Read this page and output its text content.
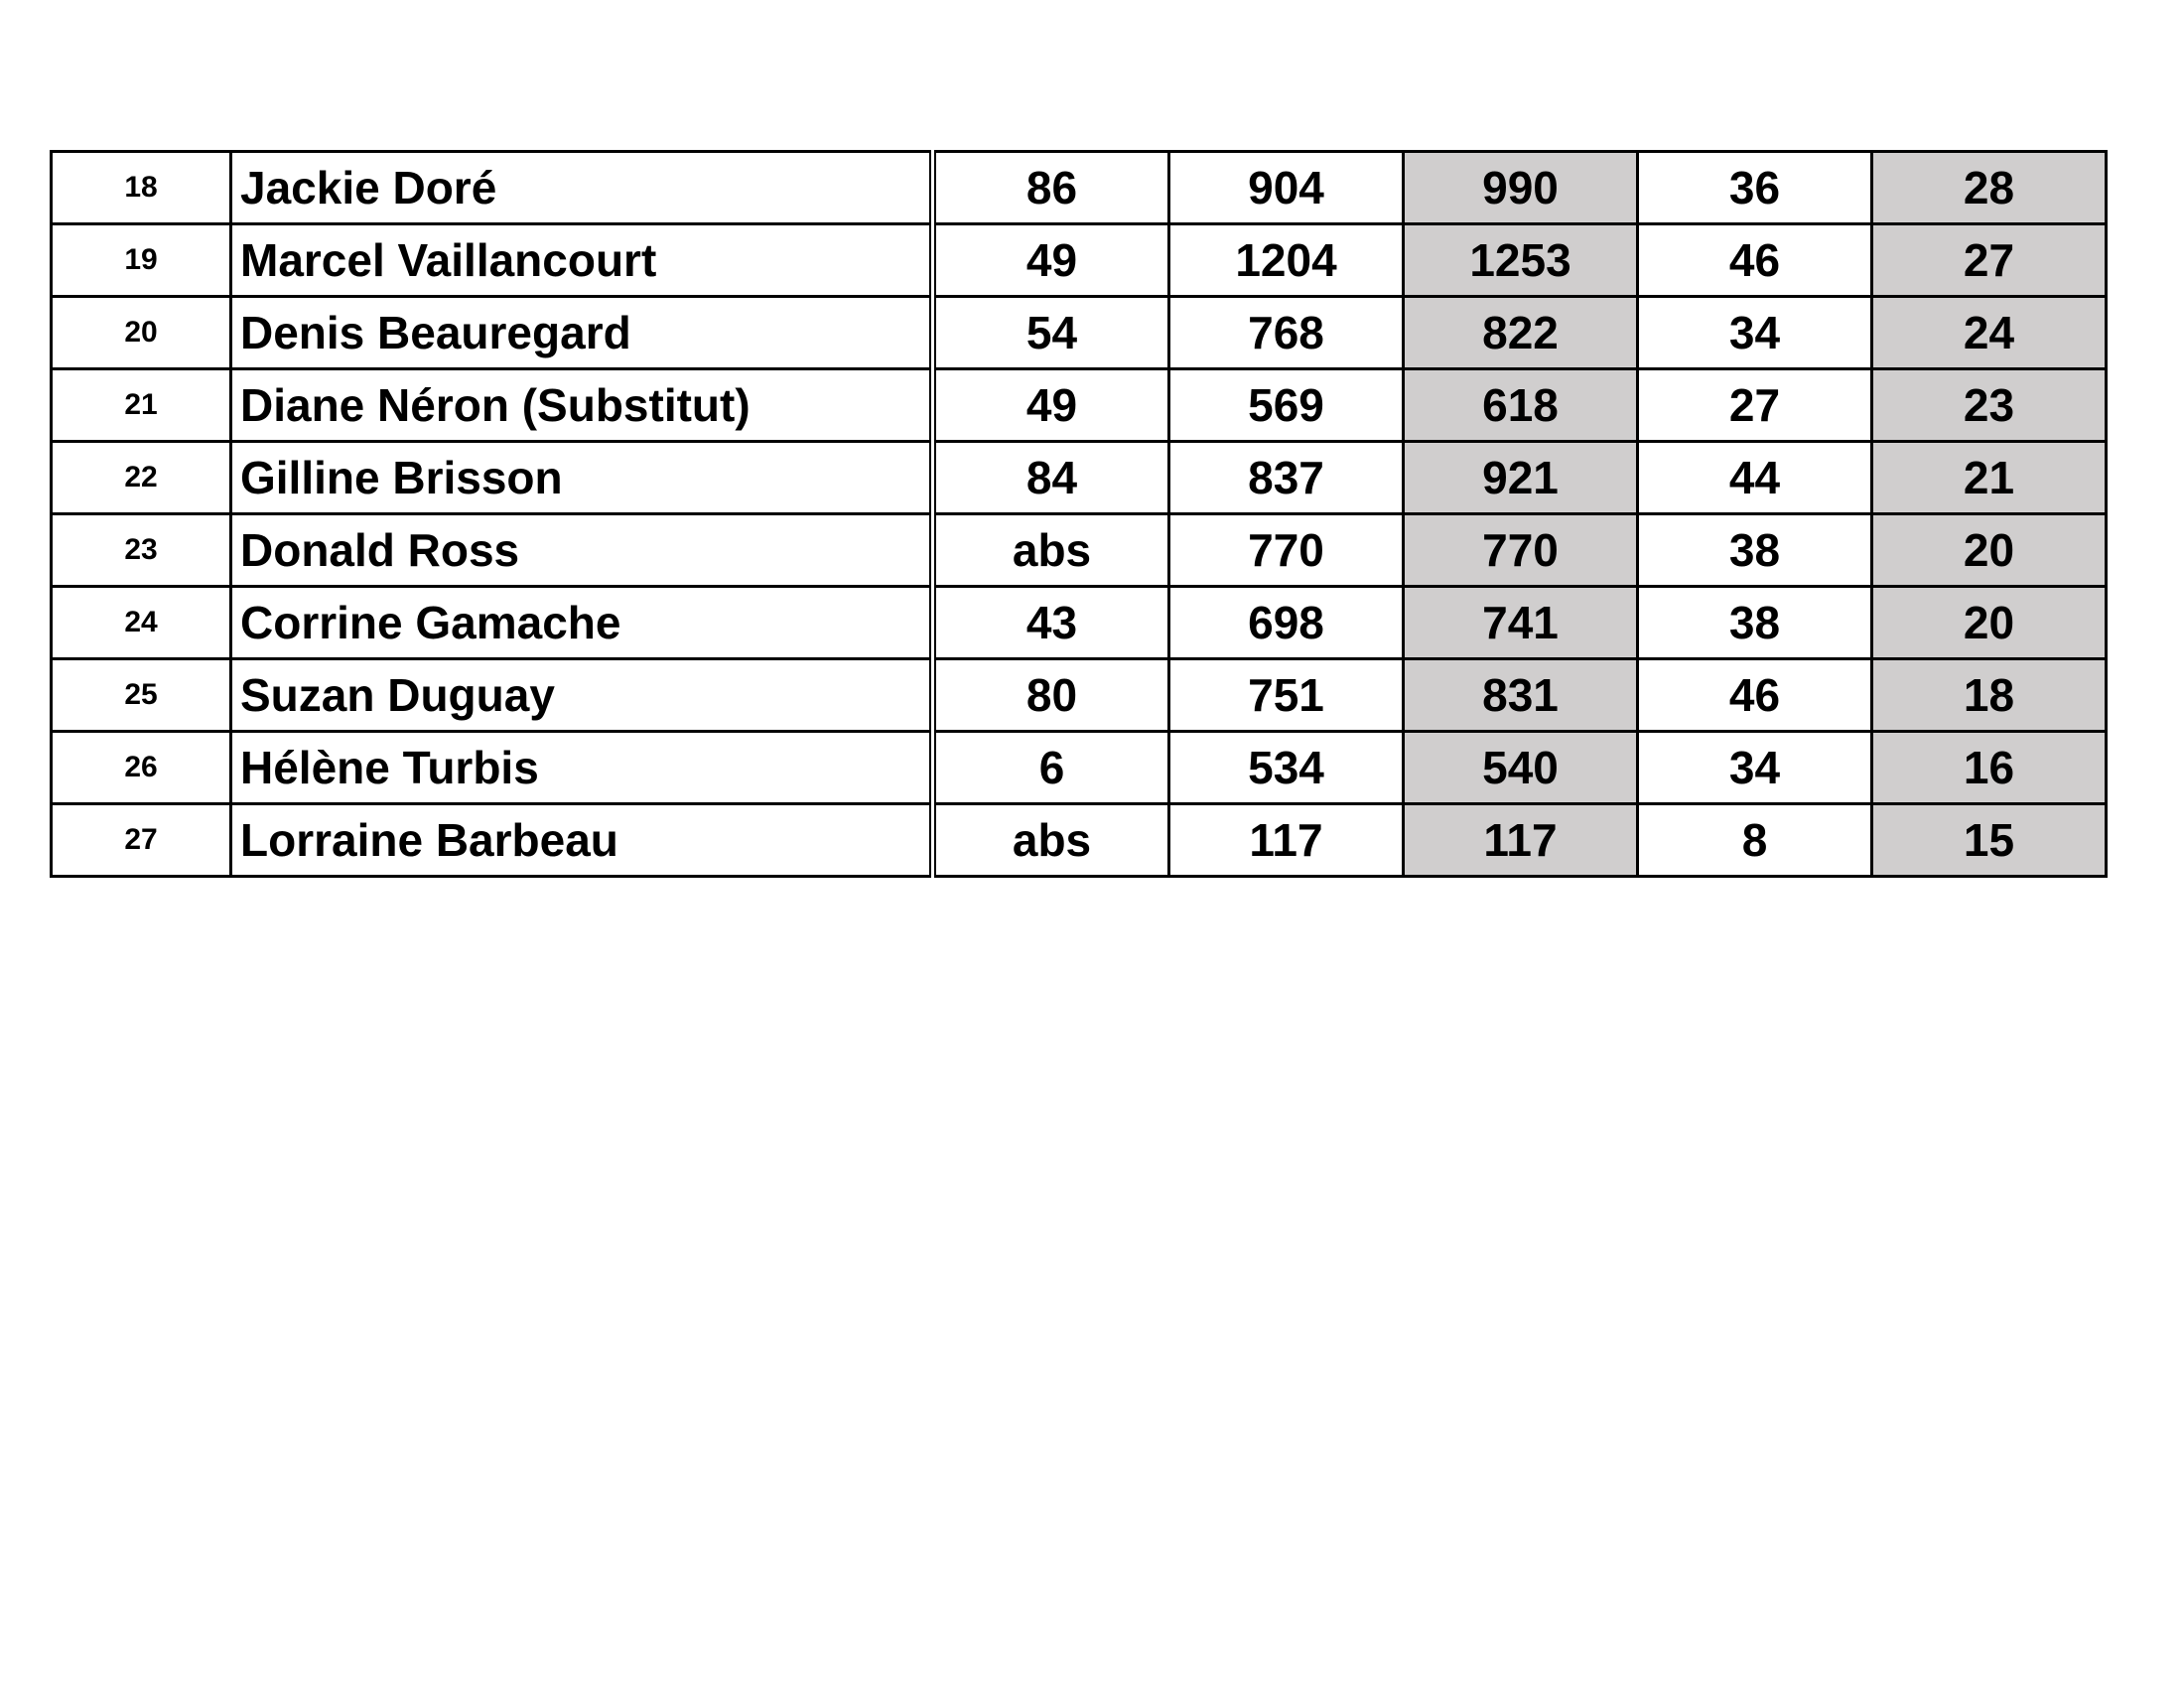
18	Jackie Doré	86	904	990	36	28
19	Marcel Vaillancourt	49	1204	1253	46	27
20	Denis Beauregard	54	768	822	34	24
21	Diane Néron (Substitut)	49	569	618	27	23
22	Gilline Brisson	84	837	921	44	21
23	Donald Ross	abs	770	770	38	20
24	Corrine Gamache	43	698	741	38	20
25	Suzan Duguay	80	751	831	46	18
26	Hélène Turbis	6	534	540	34	16
27	Lorraine Barbeau	abs	117	117	8	15
